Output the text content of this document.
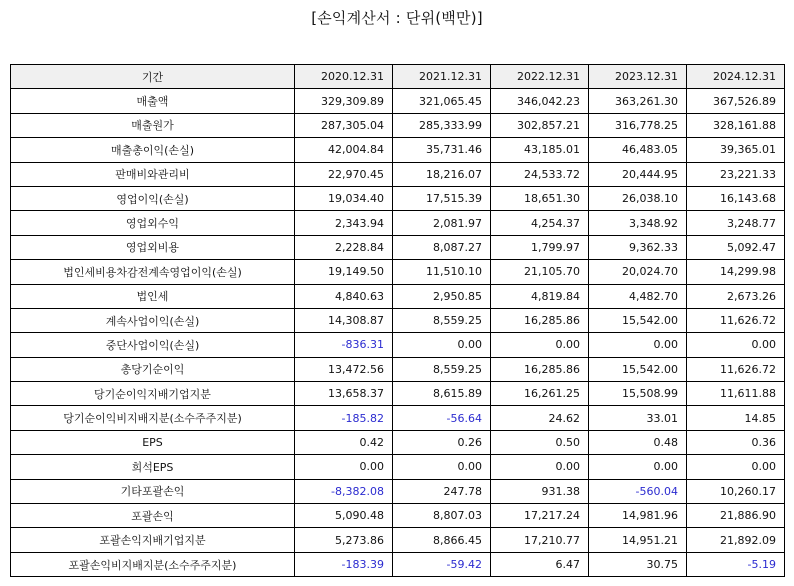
[손익계산서 : 단위(백만)]
기간	2020.12.31	2021.12.31	2022.12.31	2023.12.31	2024.12.31
매출액	329,309.89	321,065.45	346,042.23	363,261.30	367,526.89
매출원가	287,305.04	285,333.99	302,857.21	316,778.25	328,161.88
매출총이익(손실)	42,004.84	35,731.46	43,185.01	46,483.05	39,365.01
판매비와관리비	22,970.45	18,216.07	24,533.72	20,444.95	23,221.33
영업이익(손실)	19,034.40	17,515.39	18,651.30	26,038.10	16,143.68
영업외수익	2,343.94	2,081.97	4,254.37	3,348.92	3,248.77
영업외비용	2,228.84	8,087.27	1,799.97	9,362.33	5,092.47
법인세비용차감전계속영업이익(손실)	19,149.50	11,510.10	21,105.70	20,024.70	14,299.98
법인세	4,840.63	2,950.85	4,819.84	4,482.70	2,673.26
계속사업이익(손실)	14,308.87	8,559.25	16,285.86	15,542.00	11,626.72
중단사업이익(손실)	-836.31	0.00	0.00	0.00	0.00
총당기순이익	13,472.56	8,559.25	16,285.86	15,542.00	11,626.72
당기순이익지배기업지분	13,658.37	8,615.89	16,261.25	15,508.99	11,611.88
당기순이익비지배지분(소수주주지분)	-185.82	-56.64	24.62	33.01	14.85
EPS	0.42	0.26	0.50	0.48	0.36
희석EPS	0.00	0.00	0.00	0.00	0.00
기타포괄손익	-8,382.08	247.78	931.38	-560.04	10,260.17
포괄손익	5,090.48	8,807.03	17,217.24	14,981.96	21,886.90
포괄손익지배기업지분	5,273.86	8,866.45	17,210.77	14,951.21	21,892.09
포괄손익비지배지분(소수주주지분)	-183.39	-59.42	6.47	30.75	-5.19
